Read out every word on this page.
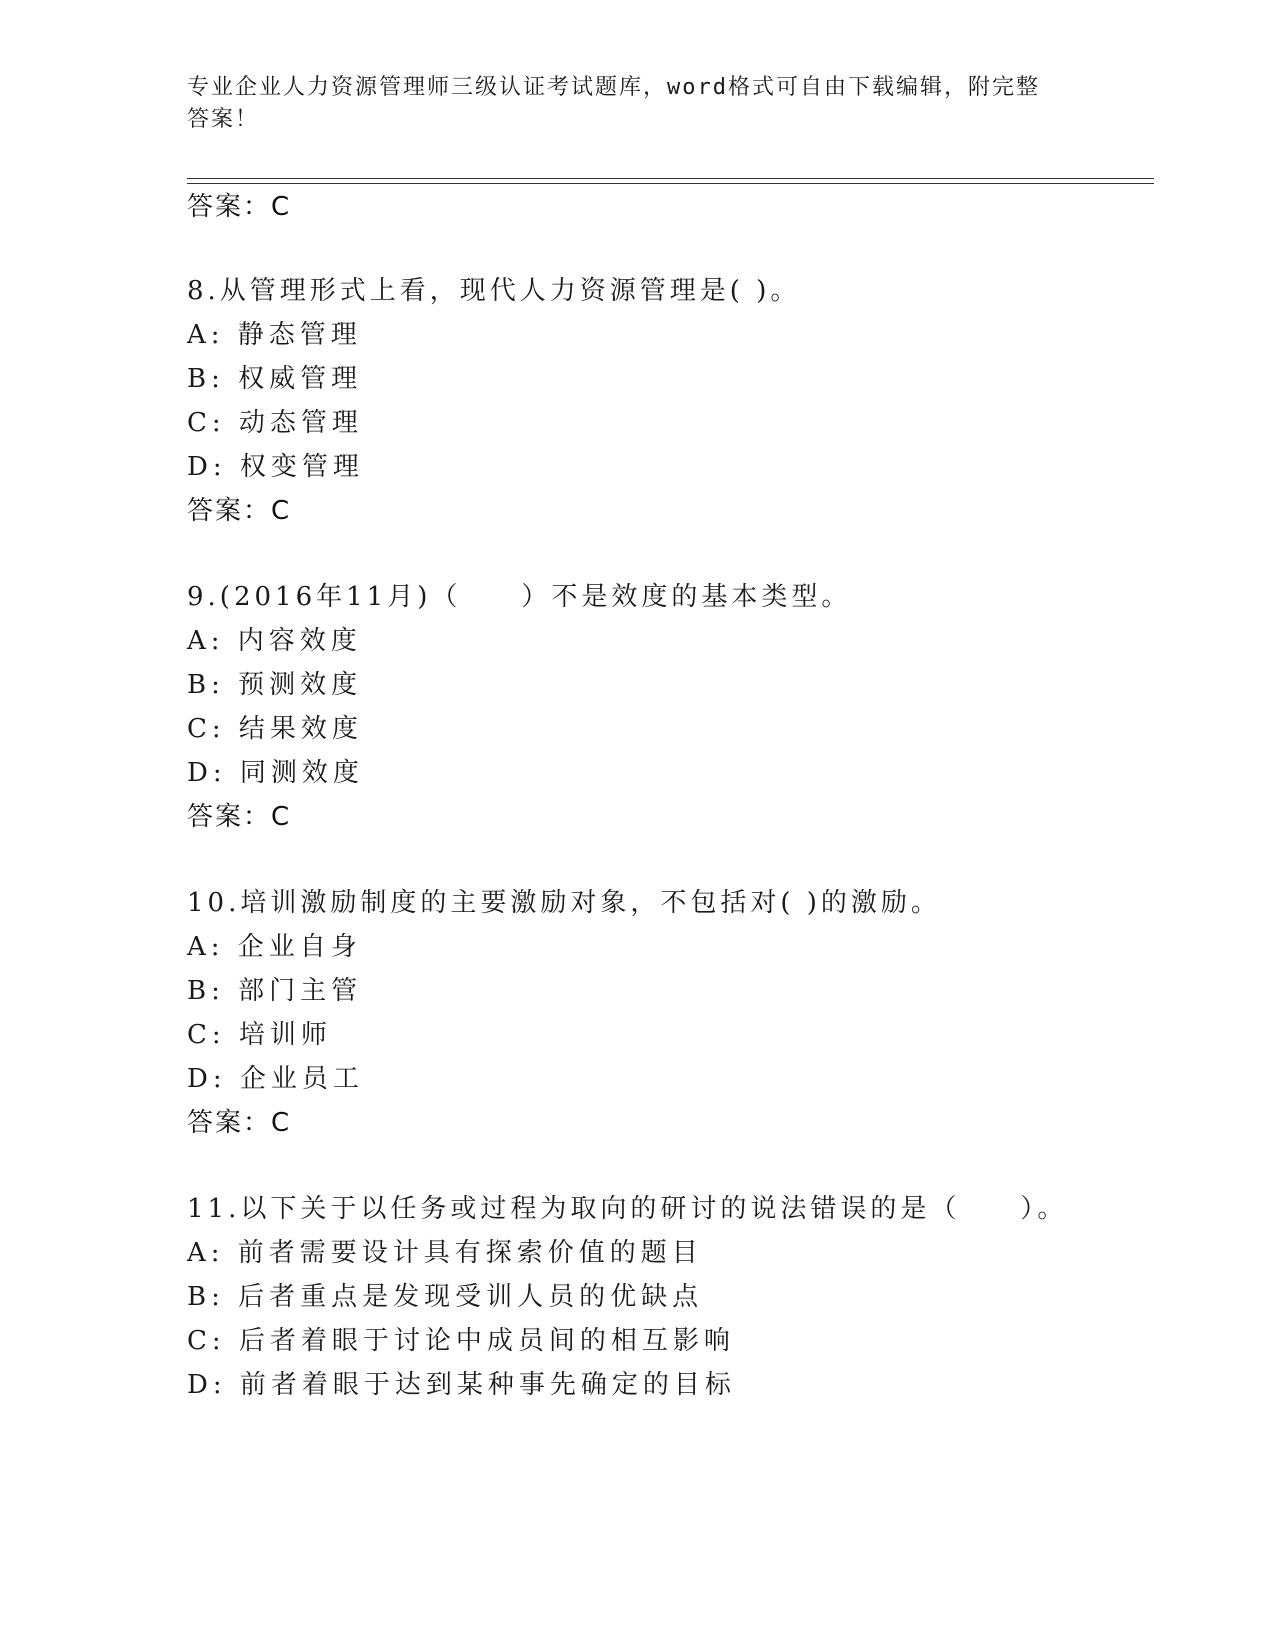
专业企业人力资源管理师三级认证考试题库，word格式可自由下载编辑，附完整
答案！
答案：C
8.从管理形式上看，现代人力资源管理是( )。
A: 静态管理
B: 权威管理
C: 动态管理
D: 权变管理
答案：C
9.(2016年11月)（　　）不是效度的基本类型。
A: 内容效度
B: 预测效度
C: 结果效度
D: 同测效度
答案：C
10.培训激励制度的主要激励对象，不包括对( )的激励。
A: 企业自身
B: 部门主管
C: 培训师
D: 企业员工
答案：C
11.以下关于以任务或过程为取向的研讨的说法错误的是（　　）。
A: 前者需要设计具有探索价值的题目
B: 后者重点是发现受训人员的优缺点
C: 后者着眼于讨论中成员间的相互影响
D: 前者着眼于达到某种事先确定的目标
